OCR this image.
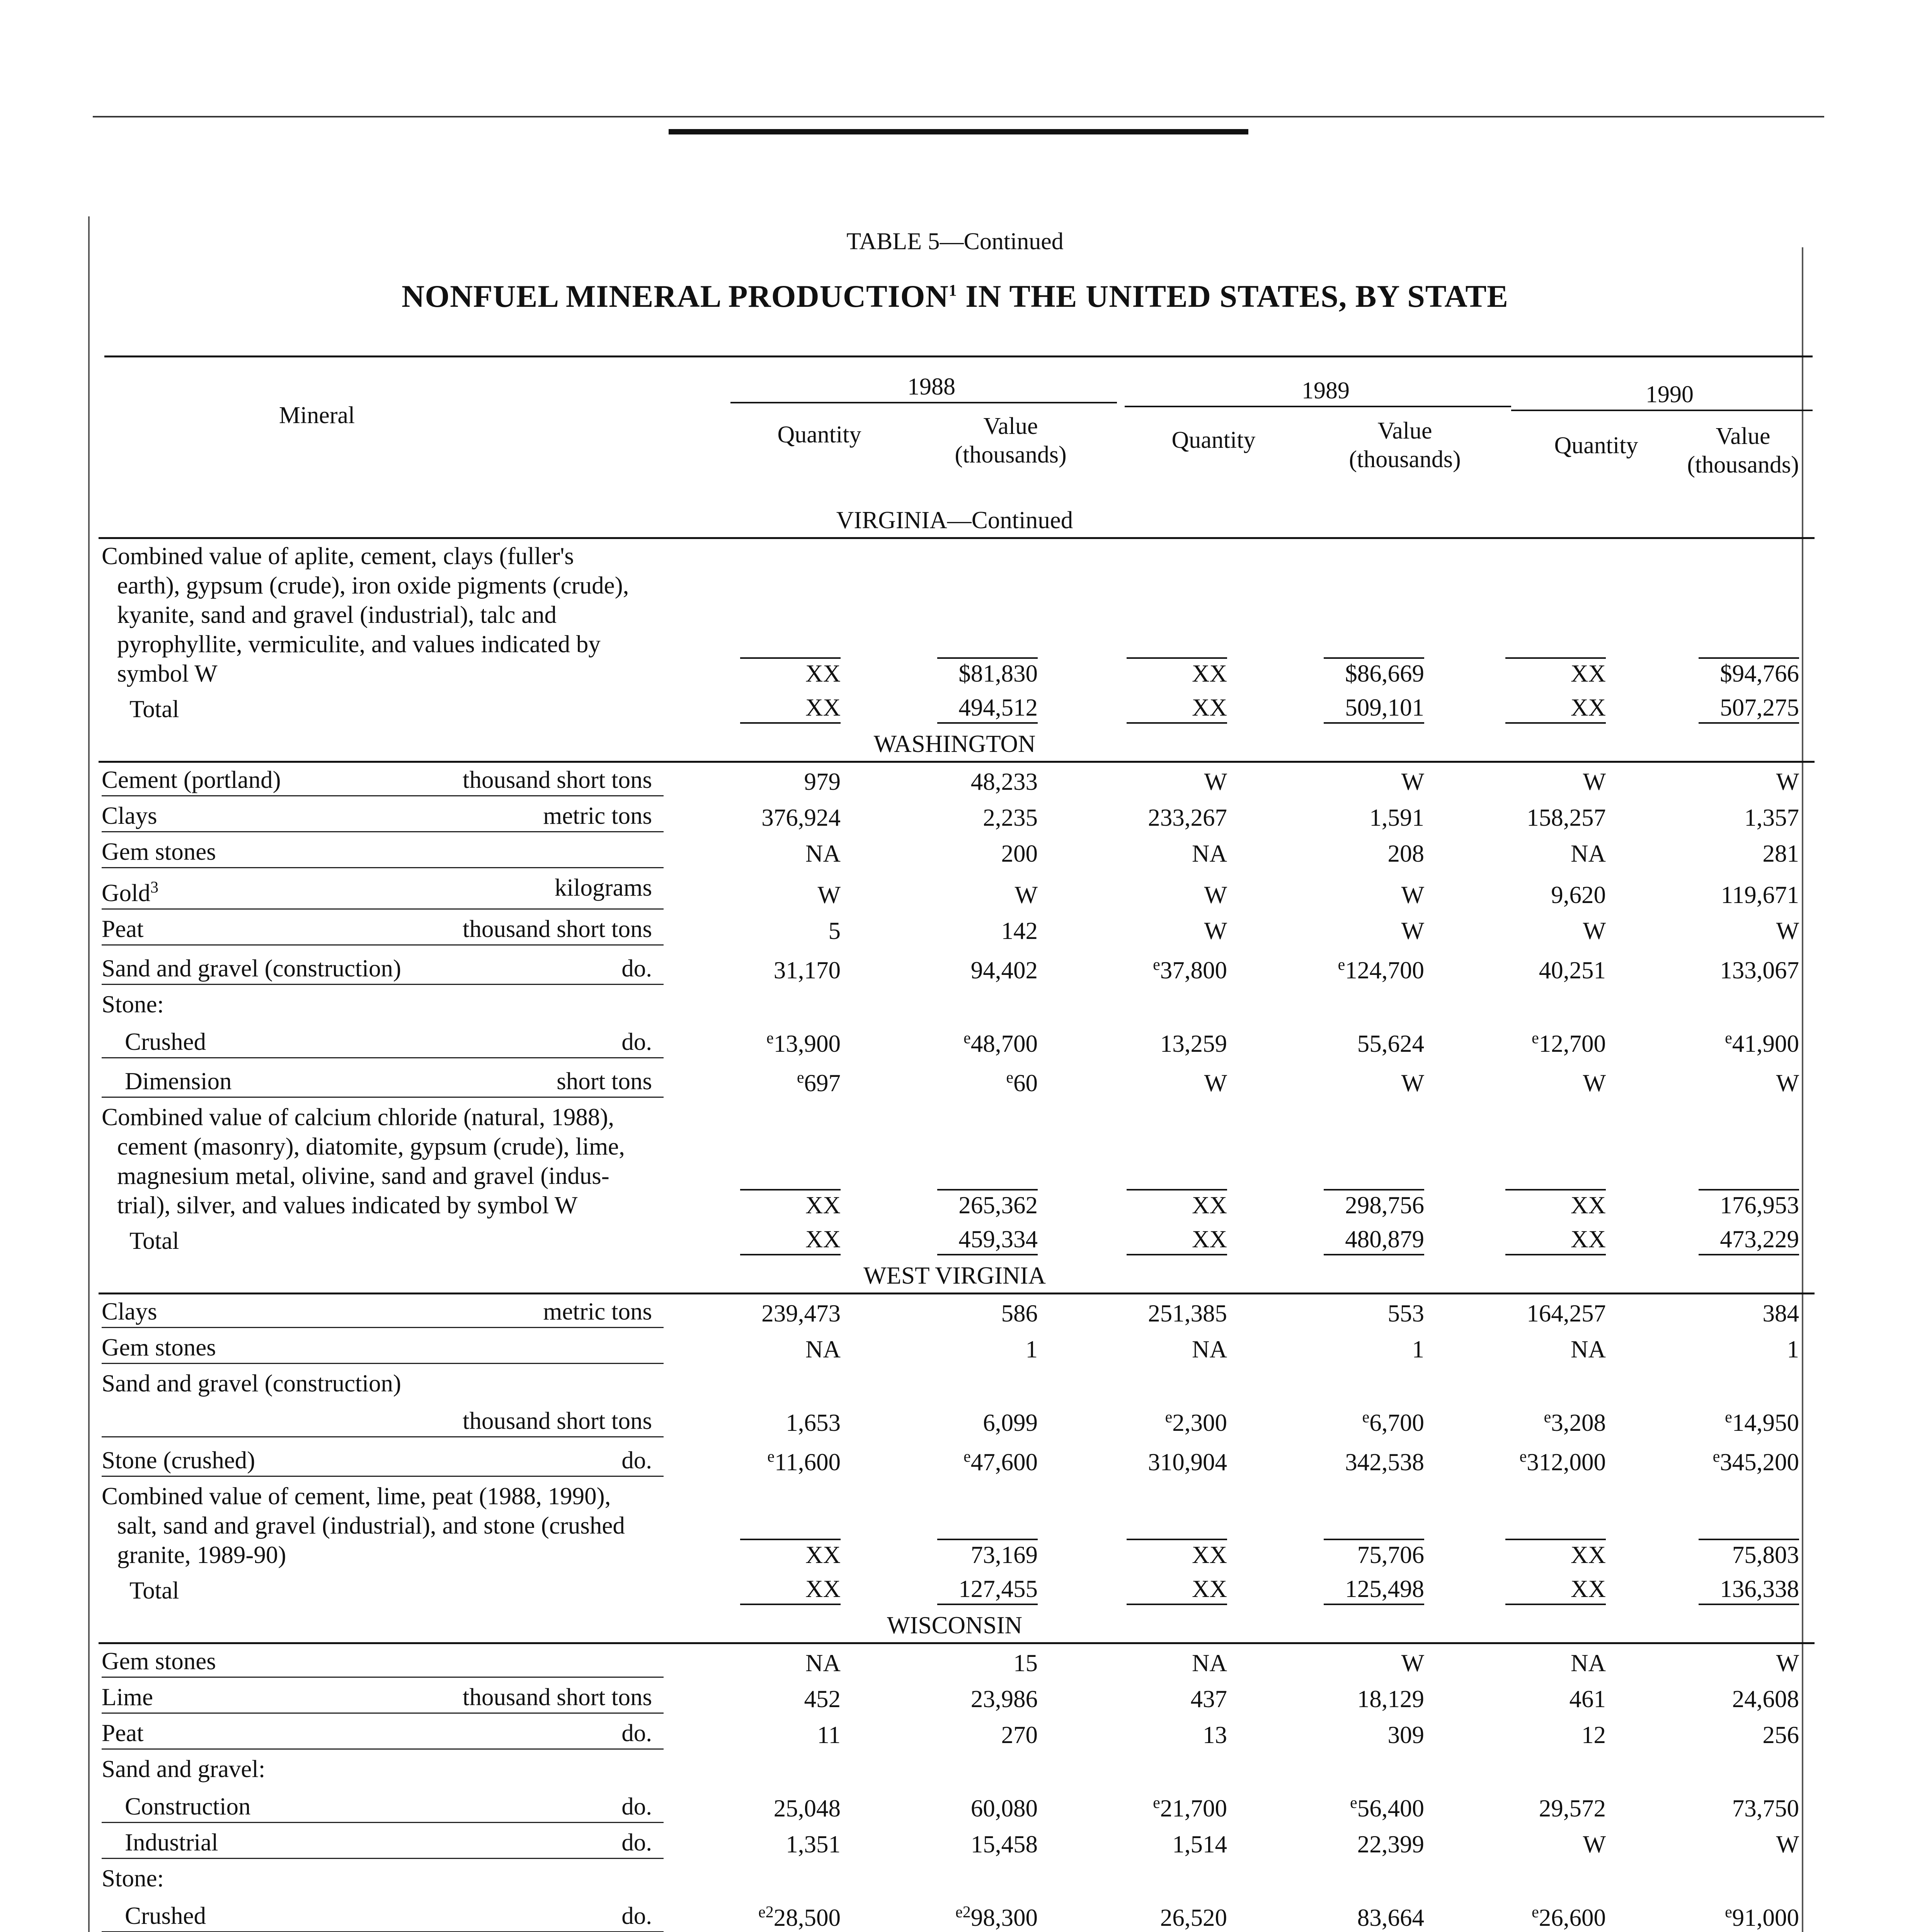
TABLE 5—Continued
NONFUEL MINERAL PRODUCTION$^1$ IN THE UNITED STATES, BY STATE
Mineral
1988
Quantity	Value
(thousands)
1989
Quantity	Value
(thousands)
1990
Quantity	Value
(thousands)
	VIRGINIA—Continued					
Combined value of aplite, cement, clays (fuller's
earth), gypsum (crude), iron oxide pigments (crude),
kyanite, sand and gravel (industrial), talc and
pyrophyllite, vermiculite, and values indicated by
symbol W	XX	$81,830	XX	$86,669	XX	$94,766
Total	XX	494,512	XX	509,101	XX	507,275
	WASHINGTON					

Cement (portland) thousand short tons	979	48,233	W	W	W	W

Clays metric tons	376,924	2,235	233,267	1,591	158,257	1,357

Gem stones	NA	200	NA	208	NA	281

Gold$^3$ kilograms	W	W	W	W	9,620	119,671

Peat thousand short tons	5	142	W	W	W	W

Sand and gravel (construction) do.	31,170	94,402	$^e$37,800	$^e$124,700	40,251	133,067
Stone:						

Crushed do.	$^e$13,900	$^e$48,700	13,259	55,624	$^e$12,700	$^e$41,900

Dimension short tons	$^e$697	$^e$60	W	W	W	W
Combined value of calcium chloride (natural, 1988),
cement (masonry), diatomite, gypsum (crude), lime,
magnesium metal, olivine, sand and gravel (indus-
trial), silver, and values indicated by symbol W	XX	265,362	XX	298,756	XX	176,953
Total	XX	459,334	XX	480,879	XX	473,229
	WEST VIRGINIA					

Clays metric tons	239,473	586	251,385	553	164,257	384

Gem stones	NA	1	NA	1	NA	1
Sand and gravel (construction)						

thousand short tons	1,653	6,099	$^e$2,300	$^e$6,700	$^e$3,208	$^e$14,950

Stone (crushed) do.	$^e$11,600	$^e$47,600	310,904	342,538	$^e$312,000	$^e$345,200
Combined value of cement, lime, peat (1988, 1990),
salt, sand and gravel (industrial), and stone (crushed
granite, 1989-90)	XX	73,169	XX	75,706	XX	75,803
Total	XX	127,455	XX	125,498	XX	136,338
	WISCONSIN					

Gem stones	NA	15	NA	W	NA	W

Lime thousand short tons	452	23,986	437	18,129	461	24,608

Peat do.	11	270	13	309	12	256
Sand and gravel:						

Construction do.	25,048	60,080	$^e$21,700	$^e$56,400	29,572	73,750

Industrial do.	1,351	15,458	1,514	22,399	W	W
Stone:						

Crushed do.	$^{e2}$28,500	$^{e2}$98,300	26,520	83,664	$^e$26,600	$^e$91,000
